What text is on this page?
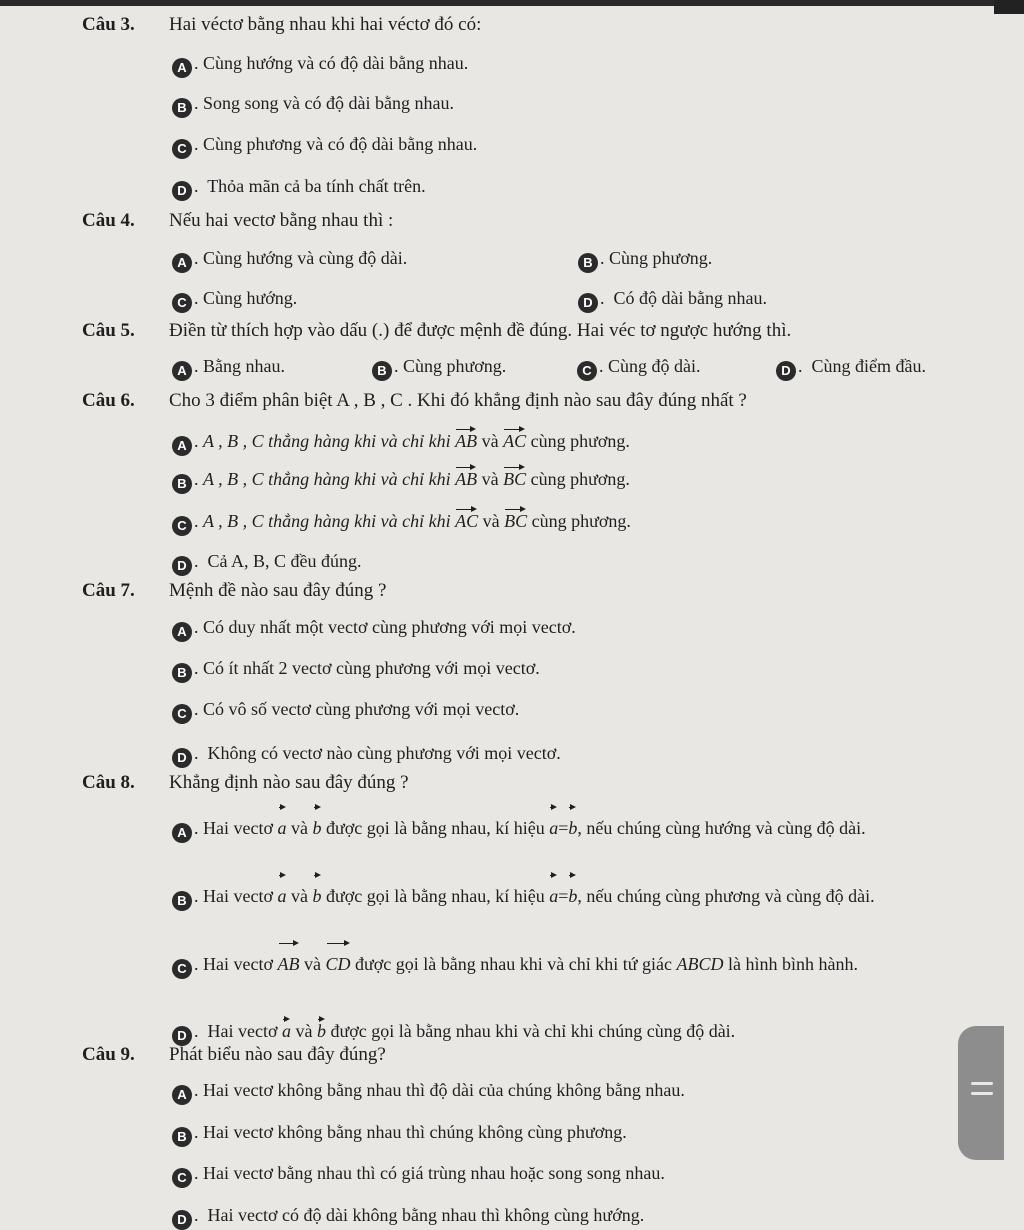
Câu 3. Hai véctơ bằng nhau khi hai véctơ đó có:
A . Cùng hướng và có độ dài bằng nhau.
B . Song song và có độ dài bằng nhau.
C . Cùng phương và có độ dài bằng nhau.
D .  Thỏa mãn cả ba tính chất trên.
Câu 4. Nếu hai vectơ bằng nhau thì :
A . Cùng hướng và cùng độ dài.	B . Cùng phương.
C . Cùng hướng.	D .  Có độ dài bằng nhau.
Câu 5. Điền từ thích hợp vào dấu (.) để được mệnh đề đúng. Hai véc tơ ngược hướng thì.
A . Bằng nhau.	B . Cùng phương.	C . Cùng độ dài.	D .  Cùng điểm đầu.
Câu 6. Cho 3 điểm phân biệt A , B , C . Khi đó khẳng định nào sau đây đúng nhất ?
A . A , B , C thẳng hàng khi và chỉ khi AB và AC cùng phương.
B . A , B , C thẳng hàng khi và chỉ khi AB và BC cùng phương.
C . A , B , C thẳng hàng khi và chỉ khi AC và BC cùng phương.
D .  Cả A, B, C đều đúng.
Câu 7. Mệnh đề nào sau đây đúng ?
A . Có duy nhất một vectơ cùng phương với mọi vectơ.
B . Có ít nhất 2 vectơ cùng phương với mọi vectơ.
C . Có vô số vectơ cùng phương với mọi vectơ.
D .  Không có vectơ nào cùng phương với mọi vectơ.
Câu 8. Khẳng định nào sau đây đúng ?
A . Hai vectơ a và b được gọi là bằng nhau, kí hiệu a=b, nếu chúng cùng hướng và cùng độ dài.
B . Hai vectơ a và b được gọi là bằng nhau, kí hiệu a=b, nếu chúng cùng phương và cùng độ dài.
C . Hai vectơ AB và CD được gọi là bằng nhau khi và chỉ khi tứ giác ABCD là hình bình hành.
D .  Hai vectơ a và b được gọi là bằng nhau khi và chỉ khi chúng cùng độ dài.
Câu 9. Phát biểu nào sau đây đúng?
A . Hai vectơ không bằng nhau thì độ dài của chúng không bằng nhau.
B . Hai vectơ không bằng nhau thì chúng không cùng phương.
C . Hai vectơ bằng nhau thì có giá trùng nhau hoặc song song nhau.
D .  Hai vectơ có độ dài không bằng nhau thì không cùng hướng.
